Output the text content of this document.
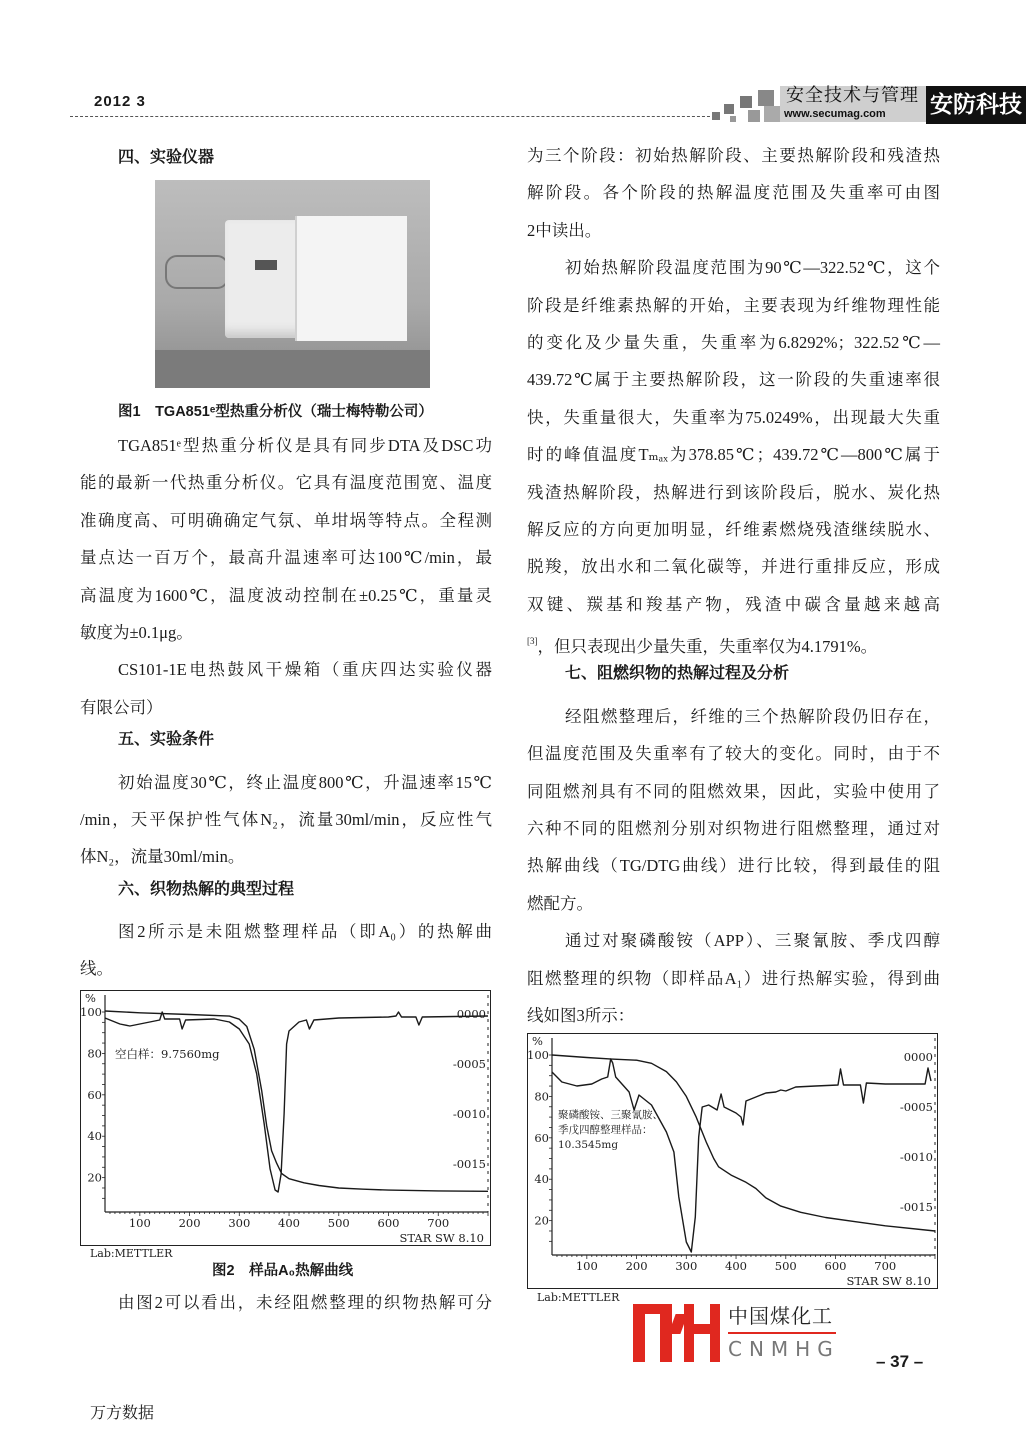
2012 3	安全技术与管理
www.secumag.com 安防科技
四、实验仪器
图1　TGA851ᵉ型热重分析仪（瑞士梅特勒公司）
TGA851ᵉ型热重分析仪是具有同步DTA及DSC功
能的最新一代热重分析仪。它具有温度范围宽、温度
准确度高、可明确确定气氛、单坩埚等特点。全程测
量点达一百万个，最高升温速率可达100℃/min，最
高温度为1600℃，温度波动控制在±0.25℃，重量灵
敏度为±0.1μg。
CS101-1E电热鼓风干燥箱（重庆四达实验仪器
有限公司）
五、实验条件
初始温度30℃，终止温度800℃，升温速率15℃
/min，天平保护性气体N₂，流量30ml/min，反应性气
体N₂，流量30ml/min。
六、织物热解的典型过程
图2所示是未阻燃整理样品（即A₀）的热解曲
线。
为三个阶段：初始热解阶段、主要热解阶段和残渣热
解阶段。各个阶段的热解温度范围及失重率可由图
2中读出。
初始热解阶段温度范围为90℃—322.52℃，这个
阶段是纤维素热解的开始，主要表现为纤维物理性能
的变化及少量失重，失重率为6.8292%；322.52℃—
439.72℃属于主要热解阶段，这一阶段的失重速率很
快，失重量很大，失重率为75.0249%，出现最大失重
时的峰值温度Tₘₐₓ为378.85℃；439.72℃—800℃属于
残渣热解阶段，热解进行到该阶段后，脱水、炭化热
解反应的方向更加明显，纤维素燃烧残渣继续脱水、
脱羧，放出水和二氧化碳等，并进行重排反应，形成
双键、羰基和羧基产物，残渣中碳含量越来越高
[3]，但只表现出少量失重，失重率仅为4.1791%。
七、阻燃织物的热解过程及分析
经阻燃整理后，纤维的三个热解阶段仍旧存在，
但温度范围及失重率有了较大的变化。同时，由于不
同阻燃剂具有不同的阻燃效果，因此，实验中使用了
六种不同的阻燃剂分别对织物进行阻燃整理，通过对
热解曲线（TG/DTG曲线）进行比较，得到最佳的阻
燃配方。
通过对聚磷酸铵（APP）、三聚氰胺、季戊四醇
阻燃整理的织物（即样品A₁）进行热解实验，得到曲
线如图3所示：
%
100
80
60
40
20
0000
-0005
-0010
-0015
100 200 300 400 500 600 700
STAR SW 8.10
空白样：9.7560mg
Lab:METTLER
图2　样品A₀热解曲线
由图2可以看出，未经阻燃整理的织物热解可分
%
100
80
60
40
20
0000
-0005
-0010
-0015
100 200 300 400 500 600 700
STAR SW 8.10
聚磷酸铵、三聚氰胺、
季戊四醇整理样品：
10.3545mg
Lab:METTLER
中国煤化工
CNMHG
– 37 –
万方数据
